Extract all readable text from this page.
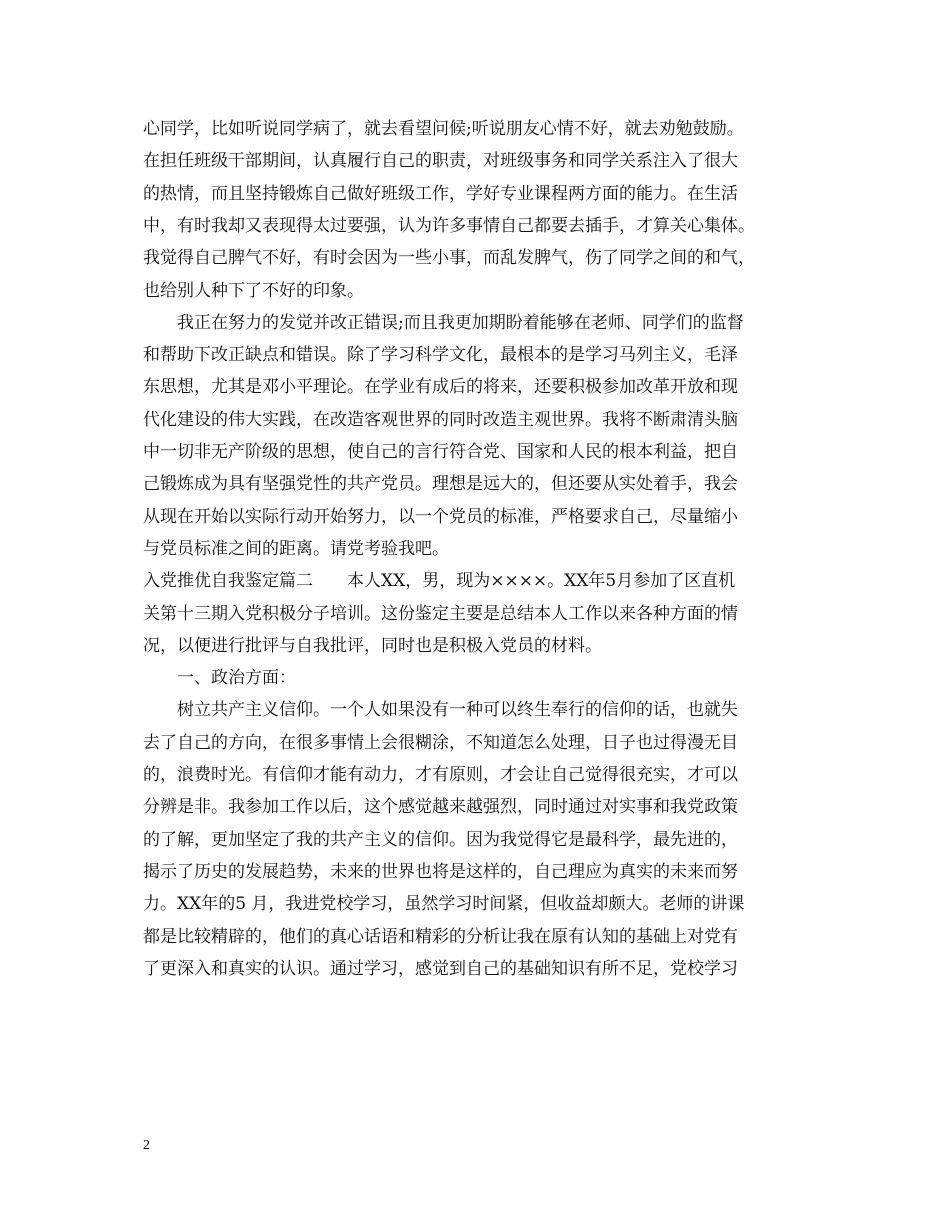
心同学，比如听说同学病了，就去看望问候;听说朋友心情不好，就去劝勉鼓励。
在担任班级干部期间，认真履行自己的职责，对班级事务和同学关系注入了很大
的热情，而且坚持锻炼自己做好班级工作，学好专业课程两方面的能力。在生活
中，有时我却又表现得太过要强，认为许多事情自己都要去插手，才算关心集体。
我觉得自己脾气不好，有时会因为一些小事，而乱发脾气，伤了同学之间的和气，
也给别人种下了不好的印象。
　　我正在努力的发觉并改正错误;而且我更加期盼着能够在老师、同学们的监督
和帮助下改正缺点和错误。除了学习科学文化，最根本的是学习马列主义，毛泽
东思想，尤其是邓小平理论。在学业有成后的将来，还要积极参加改革开放和现
代化建设的伟大实践，在改造客观世界的同时改造主观世界。我将不断肃清头脑
中一切非无产阶级的思想，使自己的言行符合党、国家和人民的根本利益，把自
己锻炼成为具有坚强党性的共产党员。理想是远大的，但还要从实处着手，我会
从现在开始以实际行动开始努力，以一个党员的标准，严格要求自己，尽量缩小
与党员标准之间的距离。请党考验我吧。
入党推优自我鉴定篇二　　本人XX，男，现为××××。XX年5月参加了区直机
关第十三期入党积极分子培训。这份鉴定主要是总结本人工作以来各种方面的情
况，以便进行批评与自我批评，同时也是积极入党员的材料。
　　一、政治方面：
　　树立共产主义信仰。一个人如果没有一种可以终生奉行的信仰的话，也就失
去了自己的方向，在很多事情上会很糊涂，不知道怎么处理，日子也过得漫无目
的，浪费时光。有信仰才能有动力，才有原则，才会让自己觉得很充实，才可以
分辨是非。我参加工作以后，这个感觉越来越强烈，同时通过对实事和我党政策
的了解，更加坚定了我的共产主义的信仰。因为我觉得它是最科学，最先进的，
揭示了历史的发展趋势，未来的世界也将是这样的，自己理应为真实的未来而努
力。XX年的5 月，我进党校学习，虽然学习时间紧，但收益却颇大。老师的讲课
都是比较精辟的，他们的真心话语和精彩的分析让我在原有认知的基础上对党有
了更深入和真实的认识。通过学习，感觉到自己的基础知识有所不足，党校学习
2
